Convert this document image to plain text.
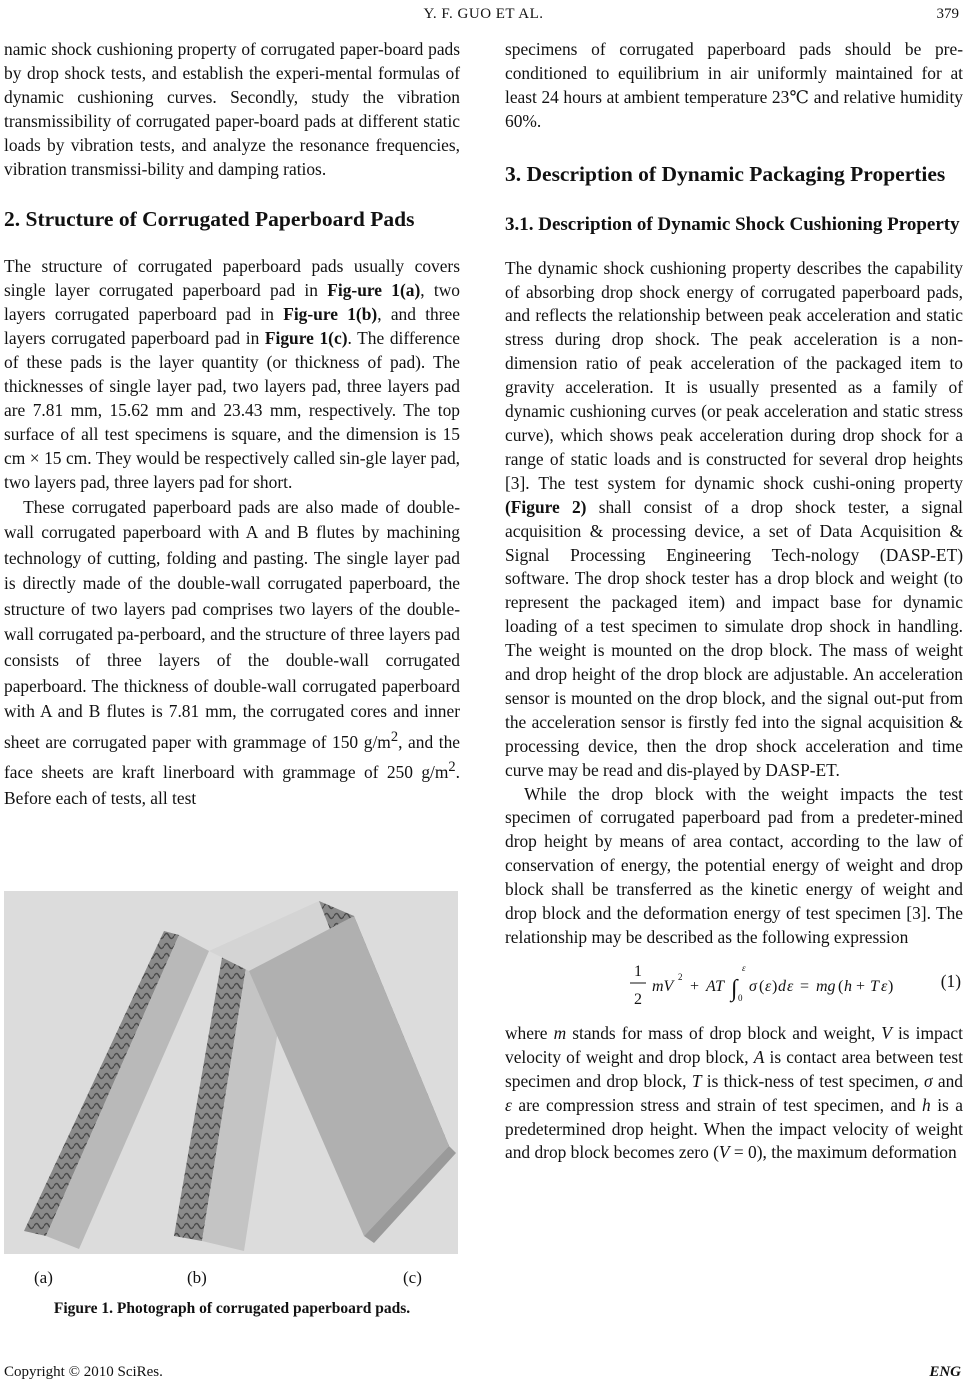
Y. F. GUO ET AL.	379

namic shock cushioning property of corrugated paper-board pads by drop shock tests, and establish the experi-mental formulas of dynamic cushioning curves. Secondly, study the vibration transmissibility of corrugated paper-board pads at different static loads by vibration tests, and analyze the resonance frequencies, vibration transmissi-bility and damping ratios.

2. Structure of Corrugated Paperboard Pads

The structure of corrugated paperboard pads usually covers single layer corrugated paperboard pad in Fig-ure 1(a), two layers corrugated paperboard pad in Fig-ure 1(b), and three layers corrugated paperboard pad in Figure 1(c). The difference of these pads is the layer quantity (or thickness of pad). The thicknesses of single layer pad, two layers pad, three layers pad are 7.81 mm, 15.62 mm and 23.43 mm, respectively. The top surface of all test specimens is square, and the dimension is 15 cm × 15 cm. They would be respectively called sin-gle layer pad, two layers pad, three layers pad for short.

These corrugated paperboard pads are also made of double-wall corrugated paperboard with A and B flutes by machining technology of cutting, folding and pasting. The single layer pad is directly made of the double-wall corrugated paperboard, the structure of two layers pad comprises two layers of the double-wall corrugated pa-perboard, and the structure of three layers pad consists of three layers of the double-wall corrugated paperboard. The thickness of double-wall corrugated paperboard with A and B flutes is 7.81 mm, the corrugated cores and inner sheet are corrugated paper with grammage of 150 $g/m^2$, and the face sheets are kraft linerboard with grammage of 250 $g/m^2$. Before each of tests, all test

(a)	(b)	(c)
Figure 1. Photograph of corrugated paperboard pads.

specimens of corrugated paperboard pads should be pre-conditioned to equilibrium in air uniformly maintained for at least 24 hours at ambient temperature 23℃ and relative humidity 60%.

3. Description of Dynamic Packaging Properties
3.1. Description of Dynamic Shock Cushioning Property

The dynamic shock cushioning property describes the capability of absorbing drop shock energy of corrugated paperboard pads, and reflects the relationship between peak acceleration and static stress during drop shock. The peak acceleration is a non-dimension ratio of peak acceleration of the packaged item to gravity acceleration. It is usually presented as a family of dynamic cushioning curves (or peak acceleration and static stress curve), which shows peak acceleration during drop shock for a range of static loads and is constructed for several drop heights [3]. The test system for dynamic shock cushi-oning property (Figure 2) shall consist of a drop shock tester, a signal acquisition & processing device, a set of Data Acquisition & Signal Processing Engineering Tech-nology (DASP-ET) software. The drop shock tester has a drop block and weight (to represent the packaged item) and impact base for dynamic loading of a test specimen to simulate drop shock in handling. The weight is mounted on the drop block. The mass of weight and drop height of the drop block are adjustable. An acceleration sensor is mounted on the drop block, and the signal out-put from the acceleration sensor is firstly fed into the signal acquisition & processing device, then the drop shock acceleration and time curve may be read and dis-played by DASP-ET.

While the drop block with the weight impacts the test specimen of corrugated paperboard pad from a predeter-mined drop height by means of area contact, according to the law of conservation of energy, the potential energy of weight and drop block shall be transferred as the kinetic energy of weight and drop block and the deformation energy of test specimen [3]. The relationship may be described as the following expression

1
2
mV
2
+ AT ∫
ε
0
σ ( ε ) d ε = mg ( h + T ε )	(1)

where m stands for mass of drop block and weight, V is impact velocity of weight and drop block, A is contact area between test specimen and drop block, T is thick-ness of test specimen, σ and ε are compression stress and strain of test specimen, and h is a predetermined drop height. When the impact velocity of weight and drop block becomes zero (V = 0), the maximum deformation

Copyright © 2010 SciRes.	ENG
